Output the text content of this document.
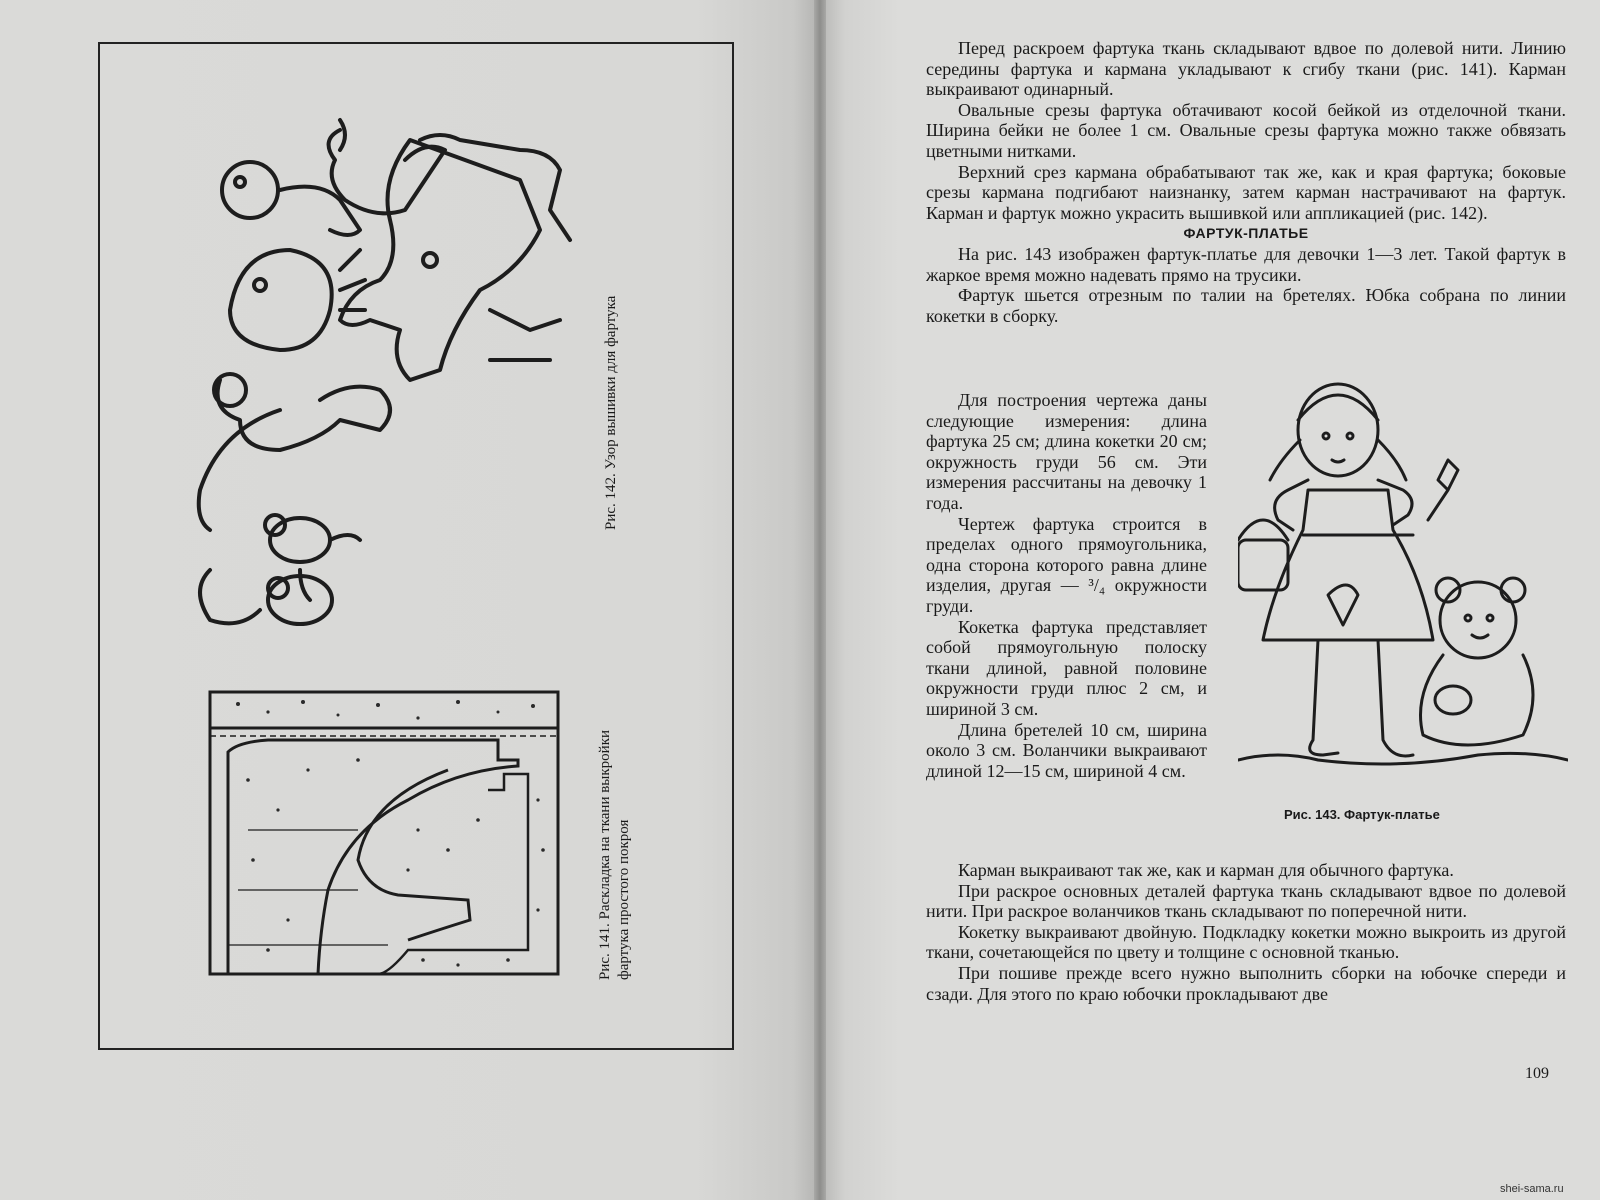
Рис. 141. Раскладка на ткани выкройки фартука простого покроя
Рис. 142. Узор вышивки для фартука

Перед раскроем фартука ткань складывают вдвое по долевой нити. Линию середины фартука и кармана укладывают к сгибу ткани (рис. 141). Карман выкраивают одинарный.

Овальные срезы фартука обтачивают косой бейкой из отделочной ткани. Ширина бейки не более 1 см. Овальные срезы фартука можно также обвязать цветными нитками.

Верхний срез кармана обрабатывают так же, как и края фартука; боковые срезы кармана подгибают наизнанку, затем карман настрачивают на фартук. Карман и фартук можно украсить вышивкой или аппликацией (рис. 142).

ФАРТУК-ПЛАТЬЕ

На рис. 143 изображен фартук-платье для девочки 1—3 лет. Такой фартук в жаркое время можно надевать прямо на трусики.

Фартук шьется отрезным по талии на бретелях. Юбка собрана по линии кокетки в сборку.

Для построения чертежа даны следующие измерения: длина фартука 25 см; длина кокетки 20 см; окружность груди 56 см. Эти измерения рассчитаны на девочку 1 года.

Чертеж фартука строится в пределах одного прямоугольника, одна сторона которого равна длине изделия, другая — ³/₄ окружности груди.

Кокетка фартука представляет собой прямоугольную полоску ткани длиной, равной половине окружности груди плюс 2 см, и шириной 3 см.

Длина бретелей 10 см, ширина около 3 см. Воланчики выкраивают длиной 12—15 см, шириной 4 см.

Рис. 143. Фартук-платье

Карман выкраивают так же, как и карман для обычного фартука.

При раскрое основных деталей фартука ткань складывают вдвое по долевой нити. При раскрое воланчиков ткань складывают по поперечной нити.

Кокетку выкраивают двойную. Подкладку кокетки можно выкроить из другой ткани, сочетающейся по цвету и толщине с основной тканью.

При пошиве прежде всего нужно выполнить сборки на юбочке спереди и сзади. Для этого по краю юбочки прокладывают две

109
shei-sama.ru
